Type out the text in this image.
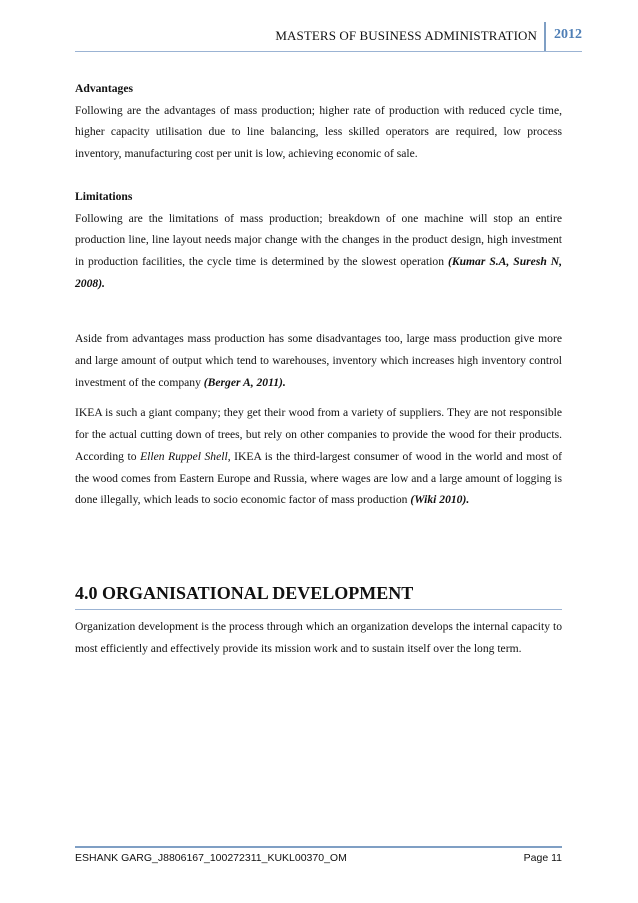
MASTERS OF BUSINESS ADMINISTRATION 2012
Advantages

Following are the advantages of mass production; higher rate of production with reduced cycle time, higher capacity utilisation due to line balancing, less skilled operators are required, low process inventory, manufacturing cost per unit is low, achieving economic of sale.

Limitations

Following are the limitations of mass production; breakdown of one machine will stop an entire production line, line layout needs major change with the changes in the product design, high investment in production facilities, the cycle time is determined by the slowest operation (Kumar S.A, Suresh N, 2008).

Aside from advantages mass production has some disadvantages too, large mass production give more and large amount of output which tend to warehouses, inventory which increases high inventory control investment of the company (Berger A, 2011).

IKEA is such a giant company; they get their wood from a variety of suppliers. They are not responsible for the actual cutting down of trees, but rely on other companies to provide the wood for their products. According to Ellen Ruppel Shell, IKEA is the third-largest consumer of wood in the world and most of the wood comes from Eastern Europe and Russia, where wages are low and a large amount of logging is done illegally, which leads to socio economic factor of mass production (Wiki 2010).

4.0 ORGANISATIONAL DEVELOPMENT

Organization development is the process through which an organization develops the internal capacity to most efficiently and effectively provide its mission work and to sustain itself over the long term.

ESHANK GARG_J8806167_100272311_KUKL00370_OM	Page 11
